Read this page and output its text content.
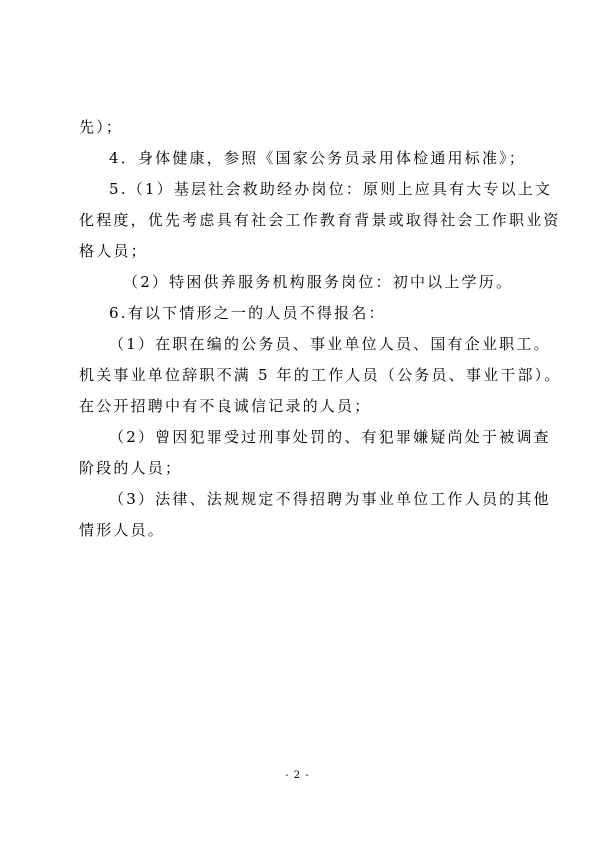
先）；
4．身体健康，参照《国家公务员录用体检通用标准》；
5.（1）基层社会救助经办岗位：原则上应具有大专以上文
化程度，优先考虑具有社会工作教育背景或取得社会工作职业资
格人员；
（2）特困供养服务机构服务岗位：初中以上学历。
6.有以下情形之一的人员不得报名：
（1）在职在编的公务员、事业单位人员、国有企业职工。
机关事业单位辞职不满 5 年的工作人员（公务员、事业干部）。
在公开招聘中有不良诚信记录的人员；
（2）曾因犯罪受过刑事处罚的、有犯罪嫌疑尚处于被调查
阶段的人员；
（3）法律、法规规定不得招聘为事业单位工作人员的其他
情形人员。
- 2 -
